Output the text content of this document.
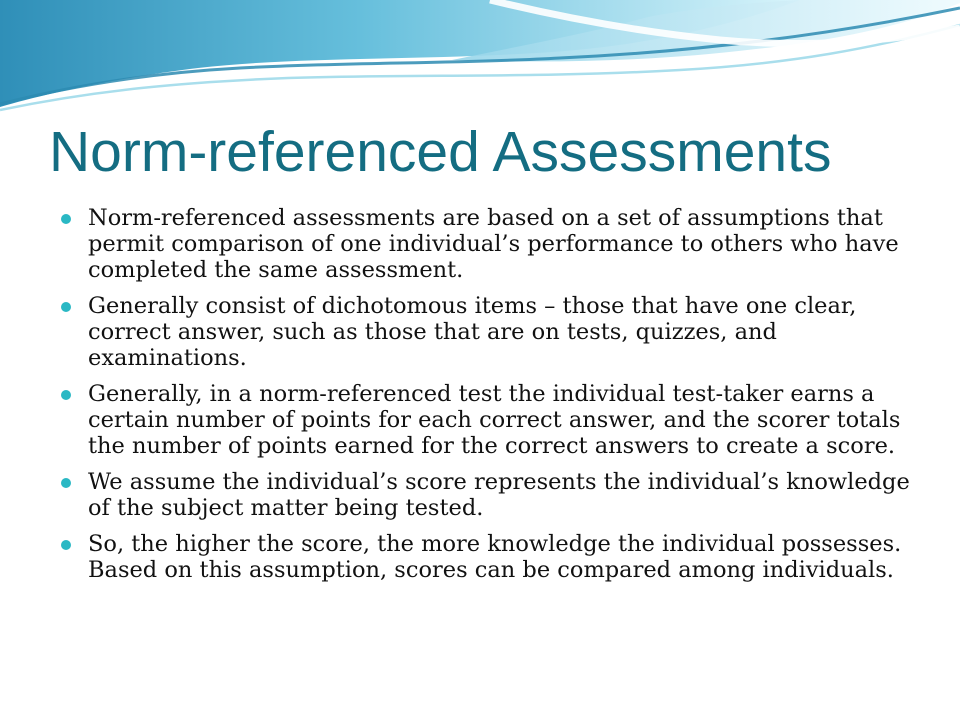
Norm-referenced Assessments
Norm-referenced assessments are based on a set of assumptions that permit comparison of one individual’s performance to others who have completed the same assessment.
Generally consist of dichotomous items – those that have one clear, correct answer, such as those that are on tests, quizzes, and examinations.
Generally, in a norm-referenced test the individual test-taker earns a certain number of points for each correct answer, and the scorer totals the number of points earned for the correct answers to create a score.
We assume the individual’s score represents the individual’s knowledge of the subject matter being tested.
So, the higher the score, the more knowledge the individual possesses. Based on this assumption, scores can be compared among individuals.
